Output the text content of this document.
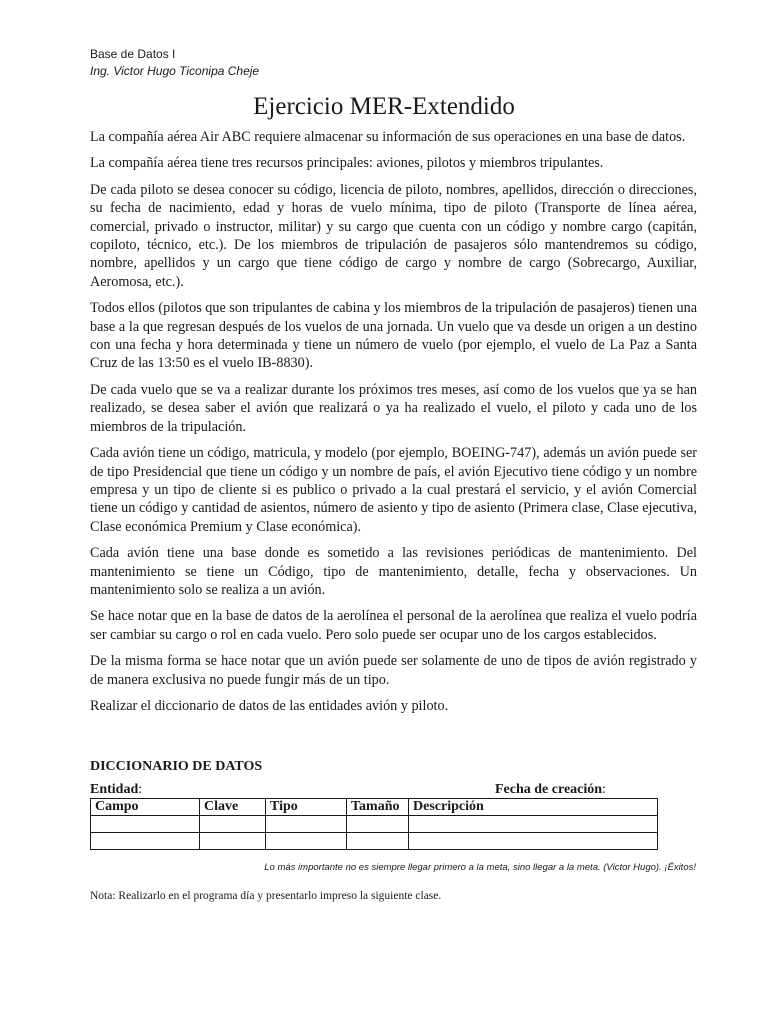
Base de Datos I
Ing. Victor Hugo Ticonipa Cheje
Ejercicio MER-Extendido

La compañía aérea Air ABC requiere almacenar su información de sus operaciones en una base de datos.

La compañía aérea tiene tres recursos principales: aviones, pilotos y miembros tripulantes.

De cada piloto se desea conocer su código, licencia de piloto, nombres, apellidos, dirección o direcciones, su fecha de nacimiento, edad y horas de vuelo mínima, tipo de piloto (Transporte de línea aérea, comercial, privado o instructor, militar) y su cargo que cuenta con un código y nombre cargo (capitán, copiloto, técnico, etc.). De los miembros de tripulación de pasajeros sólo mantendremos su código, nombre, apellidos y un cargo que tiene código de cargo y nombre de cargo (Sobrecargo, Auxiliar, Aeromosa, etc.).

Todos ellos (pilotos que son tripulantes de cabina y los miembros de la tripulación de pasajeros) tienen una base a la que regresan después de los vuelos de una jornada. Un vuelo que va desde un origen a un destino con una fecha y hora determinada y tiene un número de vuelo (por ejemplo, el vuelo de La Paz a Santa Cruz de las 13:50 es el vuelo IB-8830).

De cada vuelo que se va a realizar durante los próximos tres meses, así como de los vuelos que ya se han realizado, se desea saber el avión que realizará o ya ha realizado el vuelo, el piloto y cada uno de los miembros de la tripulación.

Cada avión tiene un código, matricula, y modelo (por ejemplo, BOEING-747), además un avión puede ser de tipo Presidencial que tiene un código y un nombre de país, el avión Ejecutivo tiene código y un nombre empresa y un tipo de cliente si es publico o privado a la cual prestará el servicio, y el avión Comercial tiene un código y cantidad de asientos, número de asiento y tipo de asiento (Primera clase, Clase ejecutiva, Clase económica Premium y Clase económica).

Cada avión tiene una base donde es sometido a las revisiones periódicas de mantenimiento. Del mantenimiento se tiene un Código, tipo de mantenimiento, detalle, fecha y observaciones. Un mantenimiento solo se realiza a un avión.

Se hace notar que en la base de datos de la aerolínea el personal de la aerolínea que realiza el vuelo podría ser cambiar su cargo o rol en cada vuelo. Pero solo puede ser ocupar uno de los cargos establecidos.

De la misma forma se hace notar que un avión puede ser solamente de uno de tipos de avión registrado y de manera exclusiva no puede fungir más de un tipo.

Realizar el diccionario de datos de las entidades avión y piloto.

DICCIONARIO DE DATOS
Entidad:	Fecha de creación:
Campo	Clave	Tipo	Tamaño	Descripción

Lo más importante no es siempre llegar primero a la meta, sino llegar a la meta. (Victor Hugo). ¡Éxitos!
Nota: Realizarlo en el programa día y presentarlo impreso la siguiente clase.
